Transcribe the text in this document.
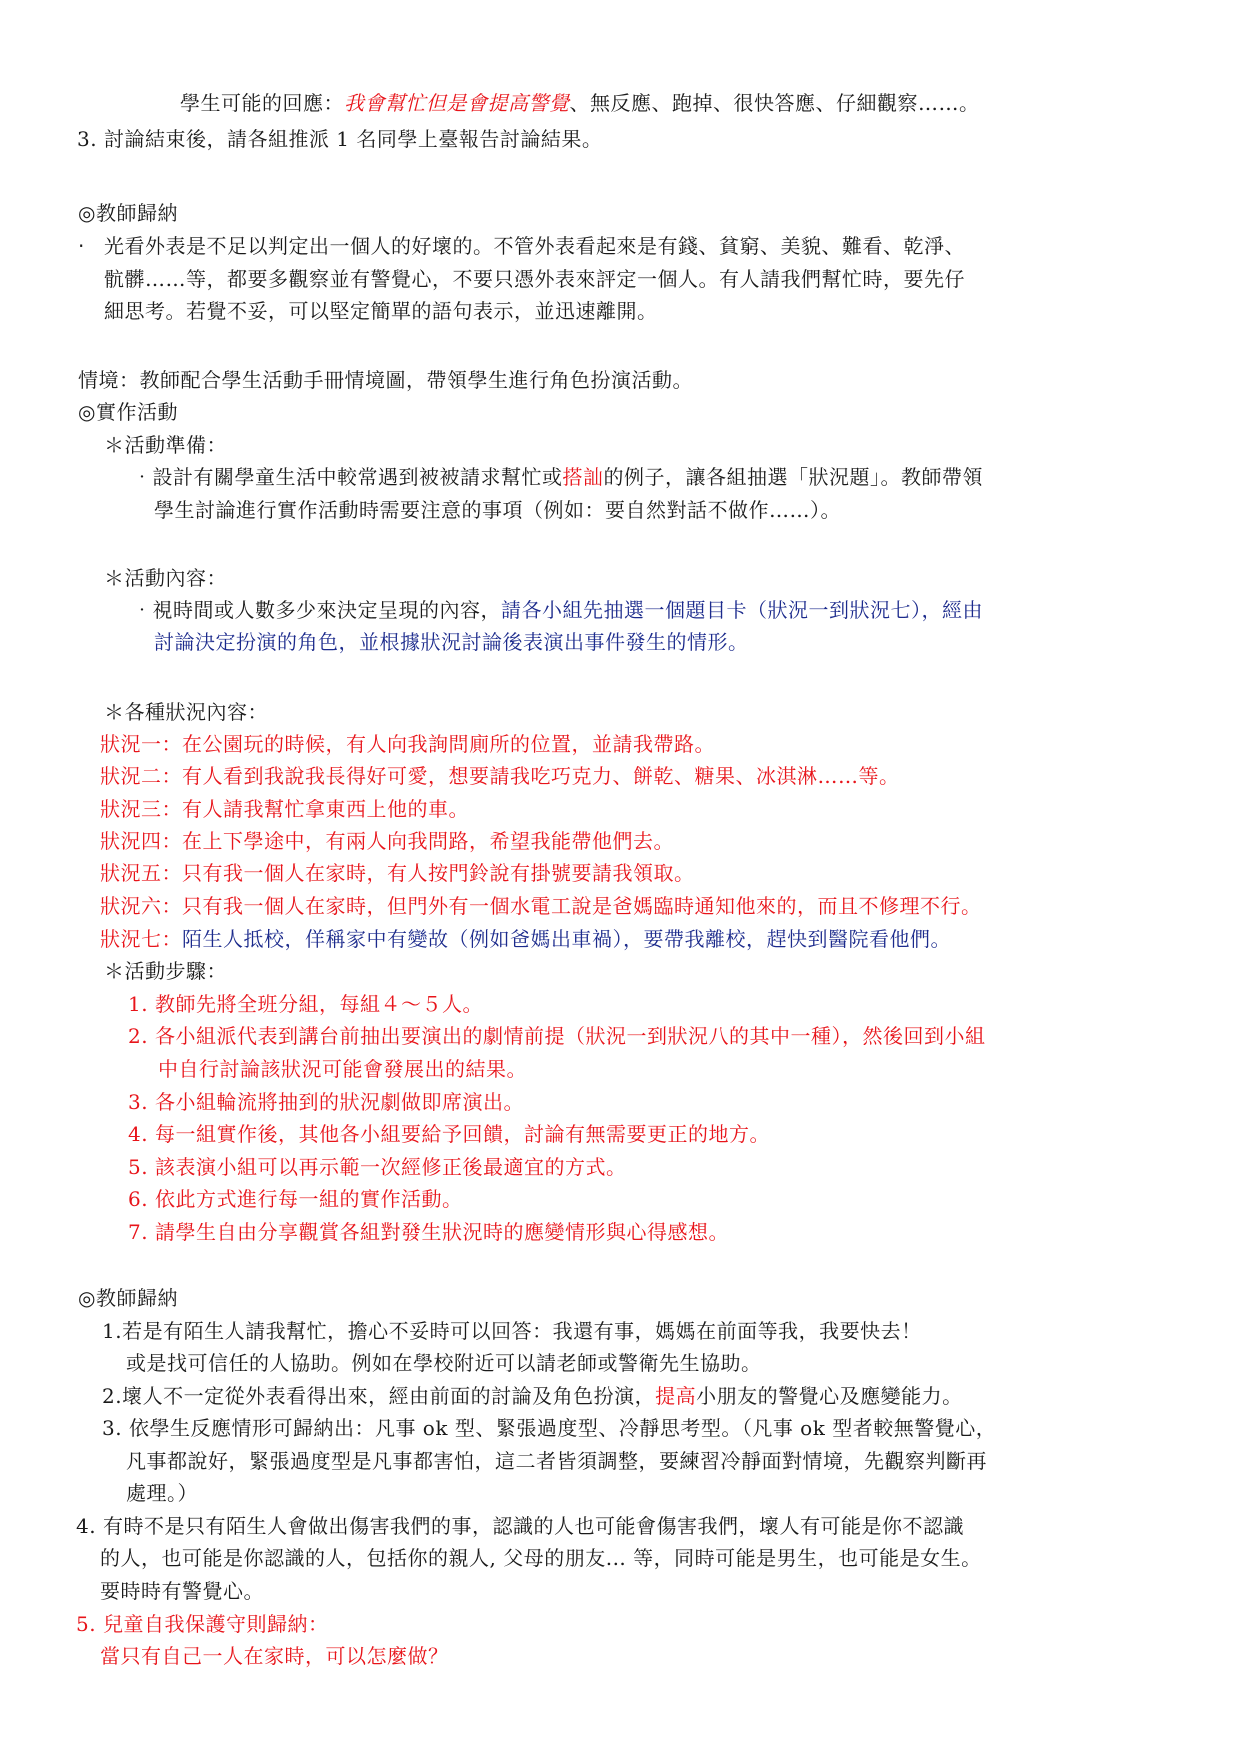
學生可能的回應：我會幫忙但是會提高警覺、無反應、跑掉、很快答應、仔細觀察……。
3. 討論結束後，請各組推派 1 名同學上臺報告討論結果。
◎教師歸納
‧ 光看外表是不足以判定出一個人的好壞的。不管外表看起來是有錢、貧窮、美貌、難看、乾淨、
骯髒……等，都要多觀察並有警覺心，不要只憑外表來評定一個人。有人請我們幫忙時，要先仔
細思考。若覺不妥，可以堅定簡單的語句表示，並迅速離開。
情境：教師配合學生活動手冊情境圖，帶領學生進行角色扮演活動。
◎實作活動
＊活動準備：
‧設計有關學童生活中較常遇到被被請求幫忙或搭訕的例子，讓各組抽選「狀況題」。教師帶領
學生討論進行實作活動時需要注意的事項（例如：要自然對話不做作……）。
＊活動內容：
‧視時間或人數多少來決定呈現的內容，請各小組先抽選一個題目卡（狀況一到狀況七），經由
討論決定扮演的角色，並根據狀況討論後表演出事件發生的情形。
＊各種狀況內容：
狀況一：在公園玩的時候，有人向我詢問廁所的位置，並請我帶路。
狀況二：有人看到我說我長得好可愛，想要請我吃巧克力、餅乾、糖果、冰淇淋……等。
狀況三：有人請我幫忙拿東西上他的車。
狀況四：在上下學途中，有兩人向我問路，希望我能帶他們去。
狀況五：只有我一個人在家時，有人按門鈴說有掛號要請我領取。
狀況六：只有我一個人在家時，但門外有一個水電工說是爸媽臨時通知他來的，而且不修理不行。
狀況七：陌生人抵校，佯稱家中有變故（例如爸媽出車禍），要帶我離校，趕快到醫院看他們。
＊活動步驟：
1. 教師先將全班分組，每組４～５人。
2. 各小組派代表到講台前抽出要演出的劇情前提（狀況一到狀況八的其中一種），然後回到小組
中自行討論該狀況可能會發展出的結果。
3. 各小組輪流將抽到的狀況劇做即席演出。
4. 每一組實作後，其他各小組要給予回饋，討論有無需要更正的地方。
5. 該表演小組可以再示範一次經修正後最適宜的方式。
6. 依此方式進行每一組的實作活動。
7. 請學生自由分享觀賞各組對發生狀況時的應變情形與心得感想。
◎教師歸納
1.若是有陌生人請我幫忙，擔心不妥時可以回答：我還有事，媽媽在前面等我，我要快去！
或是找可信任的人協助。例如在學校附近可以請老師或警衛先生協助。
2.壞人不一定從外表看得出來，經由前面的討論及角色扮演，提高小朋友的警覺心及應變能力。
3. 依學生反應情形可歸納出：凡事 ok 型、緊張過度型、冷靜思考型。（凡事 ok 型者較無警覺心，
凡事都說好，緊張過度型是凡事都害怕，這二者皆須調整，要練習冷靜面對情境，先觀察判斷再
處理。）
4. 有時不是只有陌生人會做出傷害我們的事，認識的人也可能會傷害我們，壞人有可能是你不認識
的人，也可能是你認識的人，包括你的親人, 父母的朋友... 等，同時可能是男生，也可能是女生。
要時時有警覺心。
5. 兒童自我保護守則歸納：
當只有自己一人在家時，可以怎麼做？
